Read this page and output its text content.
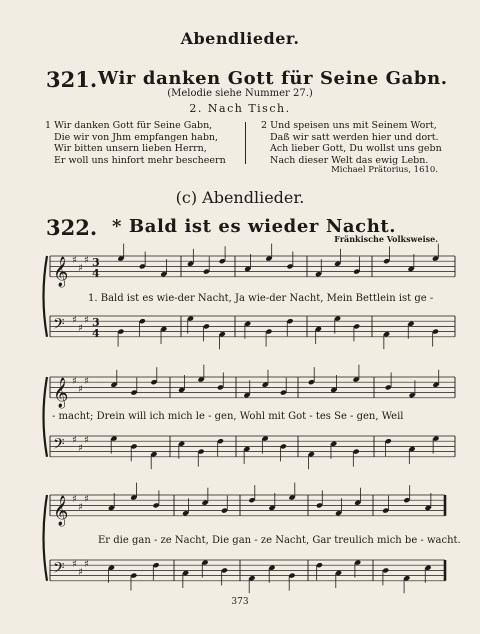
Abendlieder.
321. Wir danken Gott für Seine Gabn.
(Melodie siehe Nummer 27.)
2. Nach Tisch.
1 Wir danken Gott für Seine Gabn,
Die wir von Jhm empfangen habn,
Wir bitten unsern lieben Herrn,
Er woll uns hinfort mehr bescheern
2 Und speisen uns mit Seinem Wort,
Daß wir satt werden hier und dort.
Ach lieber Gott, Du wollst uns gebn
Nach dieser Welt das ewig Lebn.
Michael Prätorius, 1610.
(c) Abendlieder.
322. * Bald ist es wieder Nacht.
Fränkische Volksweise.
♯
♯
♯
♯
♯
♯
𝄞
𝄢
♯
♯
♯
♯
♯
♯
𝄞
𝄢
♯
♯
♯
♯
♯
♯
𝄞
𝄢
3
4
3
4
1. Bald ist es wie-der Nacht, Ja wie-der Nacht, Mein Bettlein ist ge -
- macht; Drein will ich mich le - gen, Wohl mit Got - tes Se - gen, Weil
Er die gan - ze Nacht, Die gan - ze Nacht, Gar treulich mich be - wacht.
373
